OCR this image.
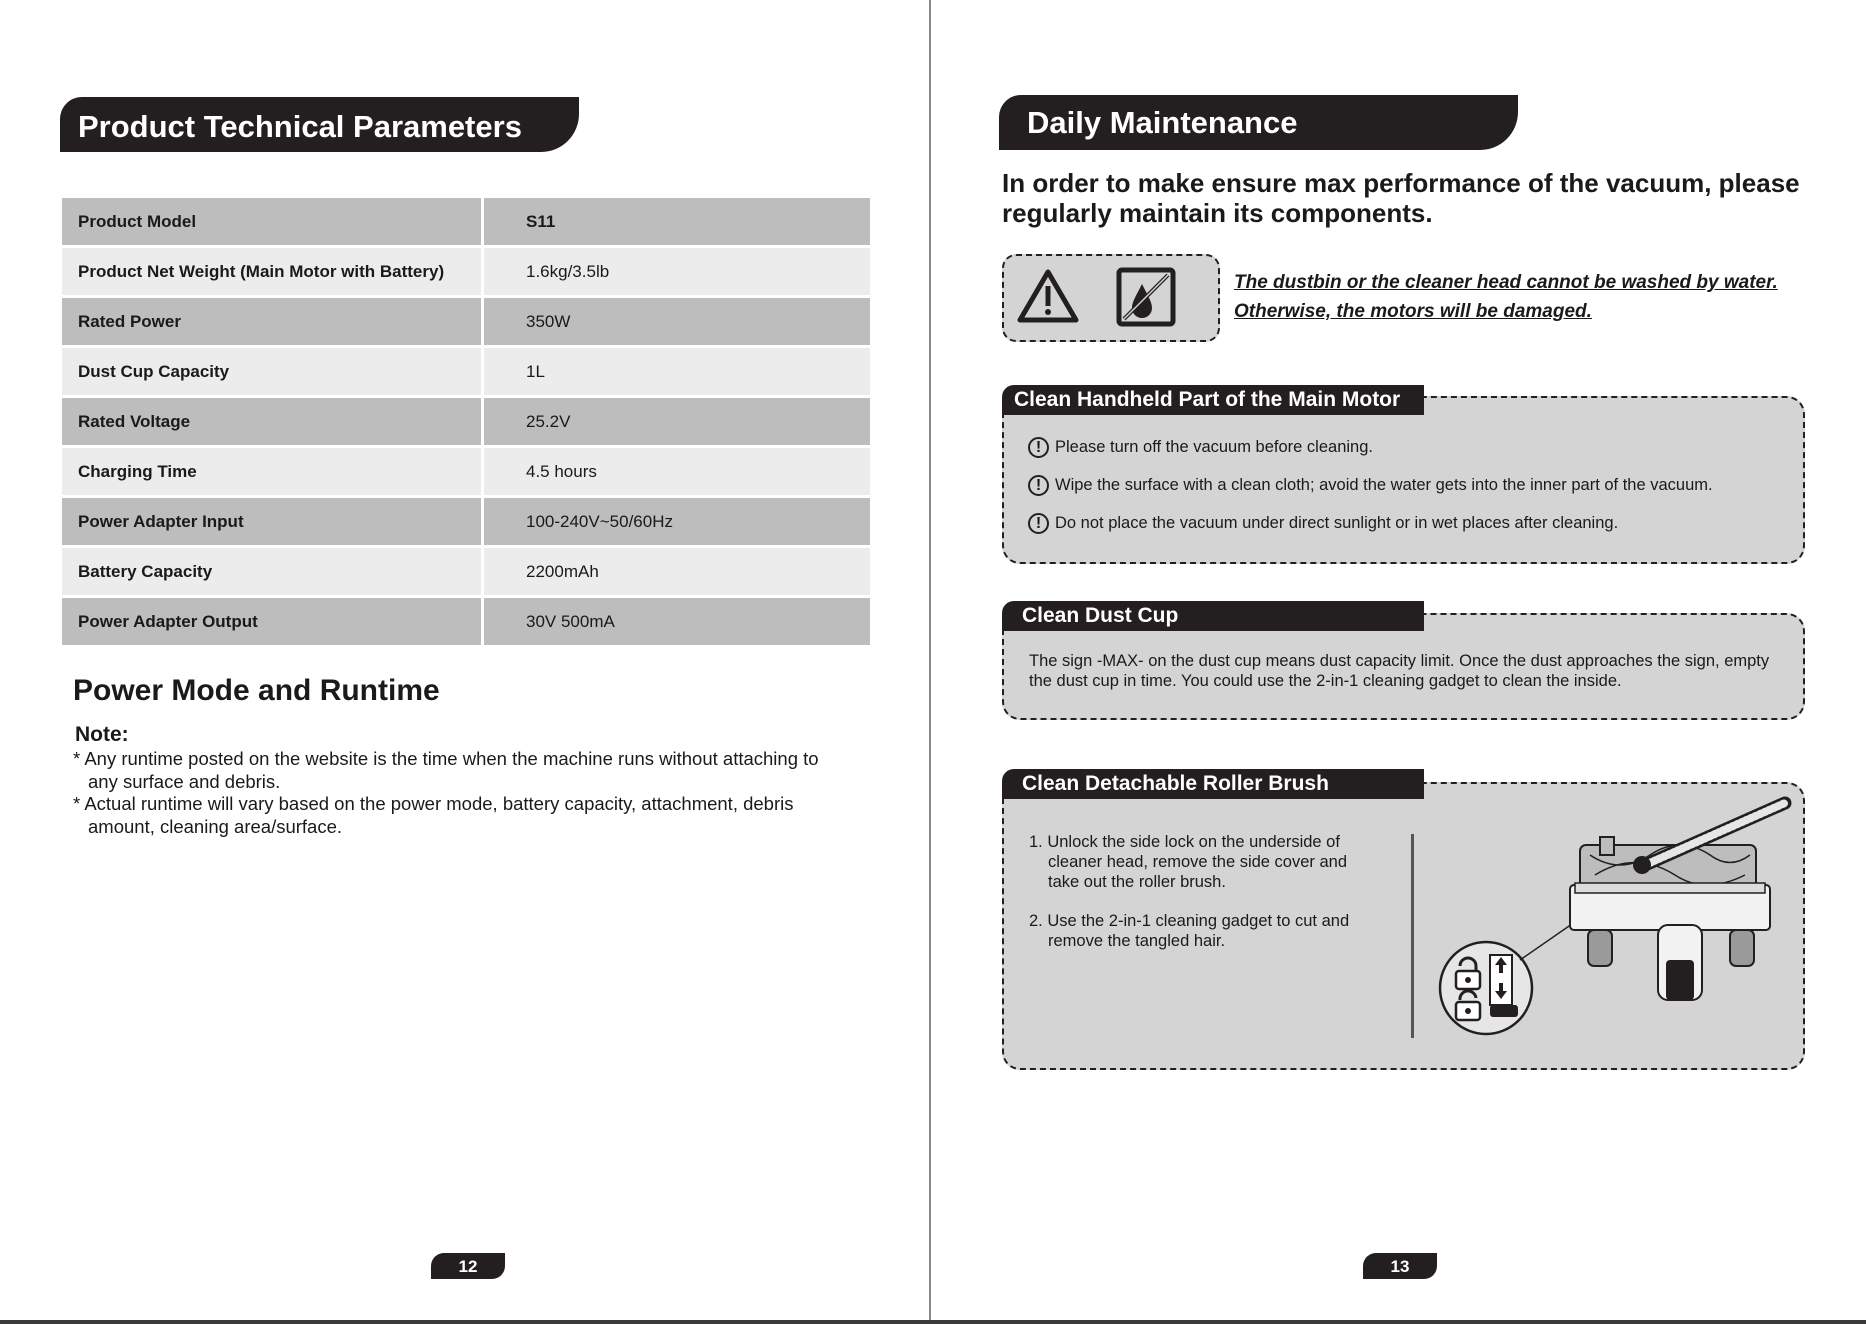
Product Technical Parameters
Product Model	S11
Product Net Weight (Main Motor with Battery)	1.6kg/3.5lb
Rated Power	350W
Dust Cup Capacity	1L
Rated Voltage	25.2V
Charging Time	4.5 hours
Power Adapter Input	100-240V~50/60Hz
Battery Capacity	2200mAh
Power Adapter Output	30V 500mA
Power Mode and Runtime
Note:

* Any runtime posted on the website is the time when the machine runs without attaching to any surface and debris.

* Actual runtime will vary based on the power mode, battery capacity, attachment, debris amount, cleaning area/surface.

12
Daily Maintenance
In order to make ensure max performance of the vacuum, please regularly maintain its components.
The dustbin or the cleaner head cannot be washed by water.
Otherwise, the motors will be damaged.
Clean Handheld Part of the Main Motor
! Please turn off the vacuum before cleaning.
! Wipe the surface with a clean cloth; avoid the water gets into the inner part of the vacuum.
! Do not place the vacuum under direct sunlight or in wet places after cleaning.
Clean Dust Cup
The sign -MAX- on the dust cup means dust capacity limit. Once the dust approaches the sign, empty the dust cup in time. You could use the 2-in-1 cleaning gadget to clean the inside.
Clean Detachable Roller Brush

1. Unlock the side lock on the underside of cleaner head, remove the side cover and take out the roller brush.

2. Use the 2-in-1 cleaning gadget to cut and remove the tangled hair.

13
